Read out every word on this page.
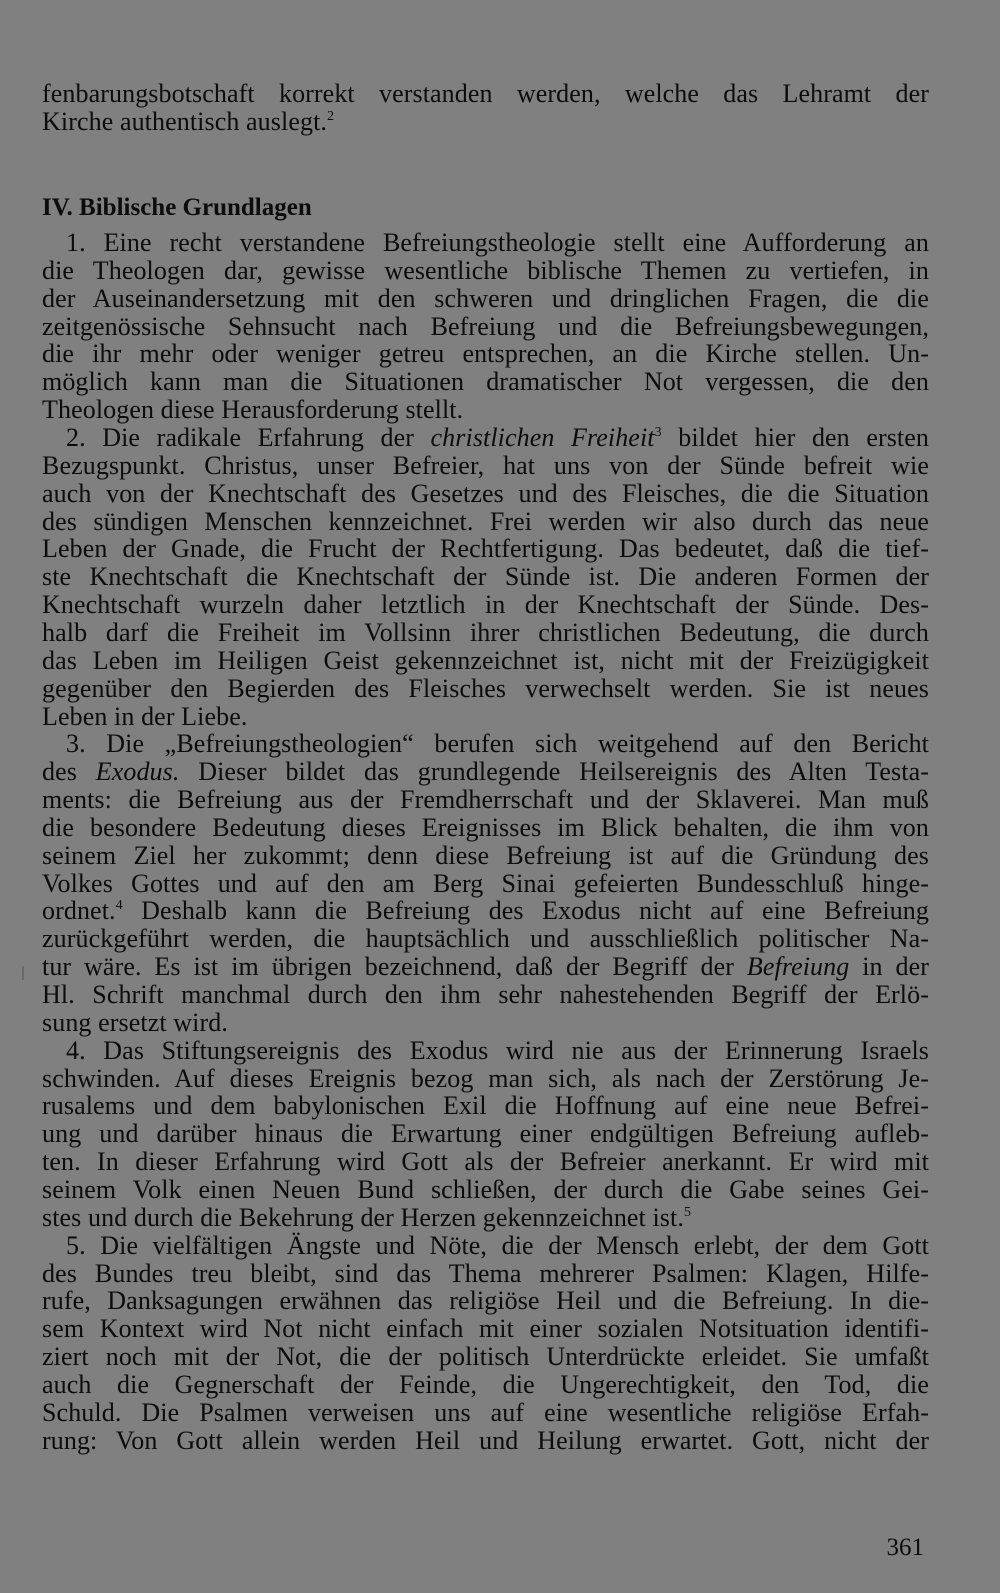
IV. Biblische Grundlagen
fenbarungsbotschaft korrekt verstanden werden, welche das Lehramt der
Kirche authentisch auslegt.$^2$
1. Eine recht verstandene Befreiungstheologie stellt eine Aufforderung an
die Theologen dar, gewisse wesentliche biblische Themen zu vertiefen, in
der Auseinandersetzung mit den schweren und dringlichen Fragen, die die
zeitgenössische Sehnsucht nach Befreiung und die Befreiungsbewegungen,
die ihr mehr oder weniger getreu entsprechen, an die Kirche stellen. Un-
möglich kann man die Situationen dramatischer Not vergessen, die den
Theologen diese Herausforderung stellt.
2. Die radikale Erfahrung der christlichen Freiheit$^3$ bildet hier den ersten
Bezugspunkt. Christus, unser Befreier, hat uns von der Sünde befreit wie
auch von der Knechtschaft des Gesetzes und des Fleisches, die die Situation
des sündigen Menschen kennzeichnet. Frei werden wir also durch das neue
Leben der Gnade, die Frucht der Rechtfertigung. Das bedeutet, daß die tief-
ste Knechtschaft die Knechtschaft der Sünde ist. Die anderen Formen der
Knechtschaft wurzeln daher letztlich in der Knechtschaft der Sünde. Des-
halb darf die Freiheit im Vollsinn ihrer christlichen Bedeutung, die durch
das Leben im Heiligen Geist gekennzeichnet ist, nicht mit der Freizügigkeit
gegenüber den Begierden des Fleisches verwechselt werden. Sie ist neues
Leben in der Liebe.
3. Die „Befreiungstheologien“ berufen sich weitgehend auf den Bericht
des Exodus. Dieser bildet das grundlegende Heilsereignis des Alten Testa-
ments: die Befreiung aus der Fremdherrschaft und der Sklaverei. Man muß
die besondere Bedeutung dieses Ereignisses im Blick behalten, die ihm von
seinem Ziel her zukommt; denn diese Befreiung ist auf die Gründung des
Volkes Gottes und auf den am Berg Sinai gefeierten Bundesschluß hinge-
ordnet.$^4$ Deshalb kann die Befreiung des Exodus nicht auf eine Befreiung
zurückgeführt werden, die hauptsächlich und ausschließlich politischer Na-
tur wäre. Es ist im übrigen bezeichnend, daß der Begriff der Befreiung in der
Hl. Schrift manchmal durch den ihm sehr nahestehenden Begriff der Erlö-
sung ersetzt wird.
4. Das Stiftungsereignis des Exodus wird nie aus der Erinnerung Israels
schwinden. Auf dieses Ereignis bezog man sich, als nach der Zerstörung Je-
rusalems und dem babylonischen Exil die Hoffnung auf eine neue Befrei-
ung und darüber hinaus die Erwartung einer endgültigen Befreiung aufleb-
ten. In dieser Erfahrung wird Gott als der Befreier anerkannt. Er wird mit
seinem Volk einen Neuen Bund schließen, der durch die Gabe seines Gei-
stes und durch die Bekehrung der Herzen gekennzeichnet ist.$^5$
5. Die vielfältigen Ängste und Nöte, die der Mensch erlebt, der dem Gott
des Bundes treu bleibt, sind das Thema mehrerer Psalmen: Klagen, Hilfe-
rufe, Danksagungen erwähnen das religiöse Heil und die Befreiung. In die-
sem Kontext wird Not nicht einfach mit einer sozialen Notsituation identifi-
ziert noch mit der Not, die der politisch Unterdrückte erleidet. Sie umfaßt
auch die Gegnerschaft der Feinde, die Ungerechtigkeit, den Tod, die
Schuld. Die Psalmen verweisen uns auf eine wesentliche religiöse Erfah-
rung: Von Gott allein werden Heil und Heilung erwartet. Gott, nicht der
361
